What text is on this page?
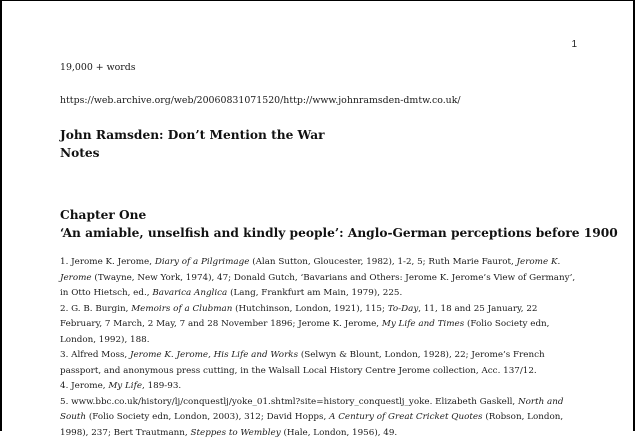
1

19,000 + words

https://web.archive.org/web/20060831071520/http://www.johnramsden-dmtw.co.uk/

John Ramsden: Don’t Mention the War

Notes

Chapter One

‘An amiable, unselfish and kindly people’: Anglo-German perceptions before 1900

1. Jerome K. Jerome, Diary of a Pilgrimage (Alan Sutton, Gloucester, 1982), 1-2, 5; Ruth Marie Faurot, Jerome K. Jerome (Twayne, New York, 1974), 47; Donald Gutch, ‘Bavarians and Others: Jerome K. Jerome’s View of Germany’, in Otto Hietsch, ed., Bavarica Anglica (Lang, Frankfurt am Main, 1979), 225.
2. G. B. Burgin, Memoirs of a Clubman (Hutchinson, London, 1921), 115; To-Day, 11, 18 and 25 January, 22 February, 7 March, 2 May, 7 and 28 November 1896; Jerome K. Jerome, My Life and Times (Folio Society edn, London, 1992), 188.
3. Alfred Moss, Jerome K. Jerome, His Life and Works (Selwyn & Blount, London, 1928), 22; Jerome’s French passport, and anonymous press cutting, in the Walsall Local History Centre Jerome collection, Acc. 137/12.
4. Jerome, My Life, 189-93.
5. www.bbc.co.uk/history/lj/conquestlj/yoke_01.shtml?site=history_conquestlj_yoke. Elizabeth Gaskell, North and South (Folio Society edn, London, 2003), 312; David Hopps, A Century of Great Cricket Quotes (Robson, London, 1998), 237; Bert Trautmann, Steppes to Wembley (Hale, London, 1956), 49.
